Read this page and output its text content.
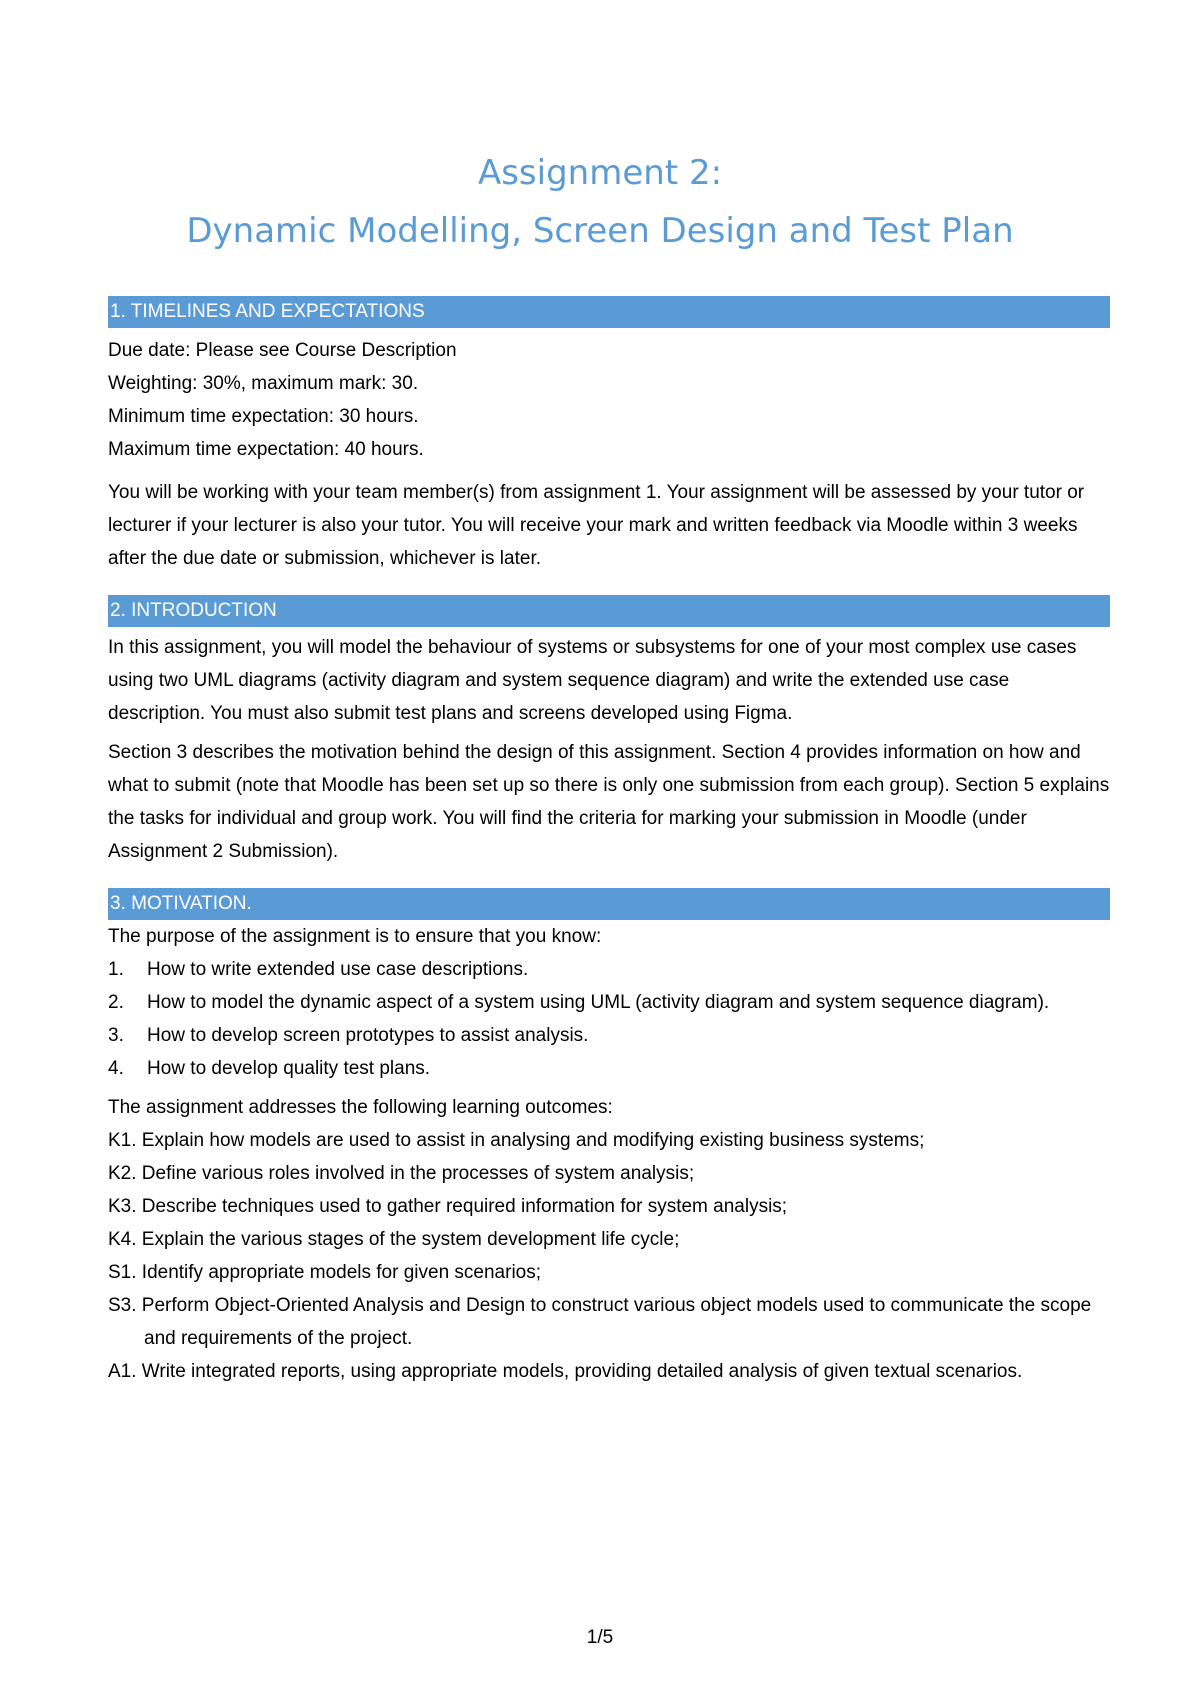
Assignment 2:
Dynamic Modelling, Screen Design and Test Plan
1. TIMELINES AND EXPECTATIONS

Due date: Please see Course Description

Weighting: 30%, maximum mark: 30.

Minimum time expectation: 30 hours.

Maximum time expectation: 40 hours.

You will be working with your team member(s) from assignment 1. Your assignment will be assessed by your tutor or lecturer if your lecturer is also your tutor. You will receive your mark and written feedback via Moodle within 3 weeks after the due date or submission, whichever is later.

2. INTRODUCTION

In this assignment, you will model the behaviour of systems or subsystems for one of your most complex use cases using two UML diagrams (activity diagram and system sequence diagram) and write the extended use case description. You must also submit test plans and screens developed using Figma.

Section 3 describes the motivation behind the design of this assignment. Section 4 provides information on how and what to submit (note that Moodle has been set up so there is only one submission from each group). Section 5 explains the tasks for individual and group work. You will find the criteria for marking your submission in Moodle (under Assignment 2 Submission).

3. MOTIVATION.

The purpose of the assignment is to ensure that you know:

1. How to write extended use case descriptions.
2. How to model the dynamic aspect of a system using UML (activity diagram and system sequence diagram).
3. How to develop screen prototypes to assist analysis.
4. How to develop quality test plans.

The assignment addresses the following learning outcomes:

K1. Explain how models are used to assist in analysing and modifying existing business systems;
K2. Define various roles involved in the processes of system analysis;
K3. Describe techniques used to gather required information for system analysis;
K4. Explain the various stages of the system development life cycle;
S1. Identify appropriate models for given scenarios;
S3. Perform Object-Oriented Analysis and Design to construct various object models used to communicate the scope and requirements of the project.
A1. Write integrated reports, using appropriate models, providing detailed analysis of given textual scenarios.
1/5
